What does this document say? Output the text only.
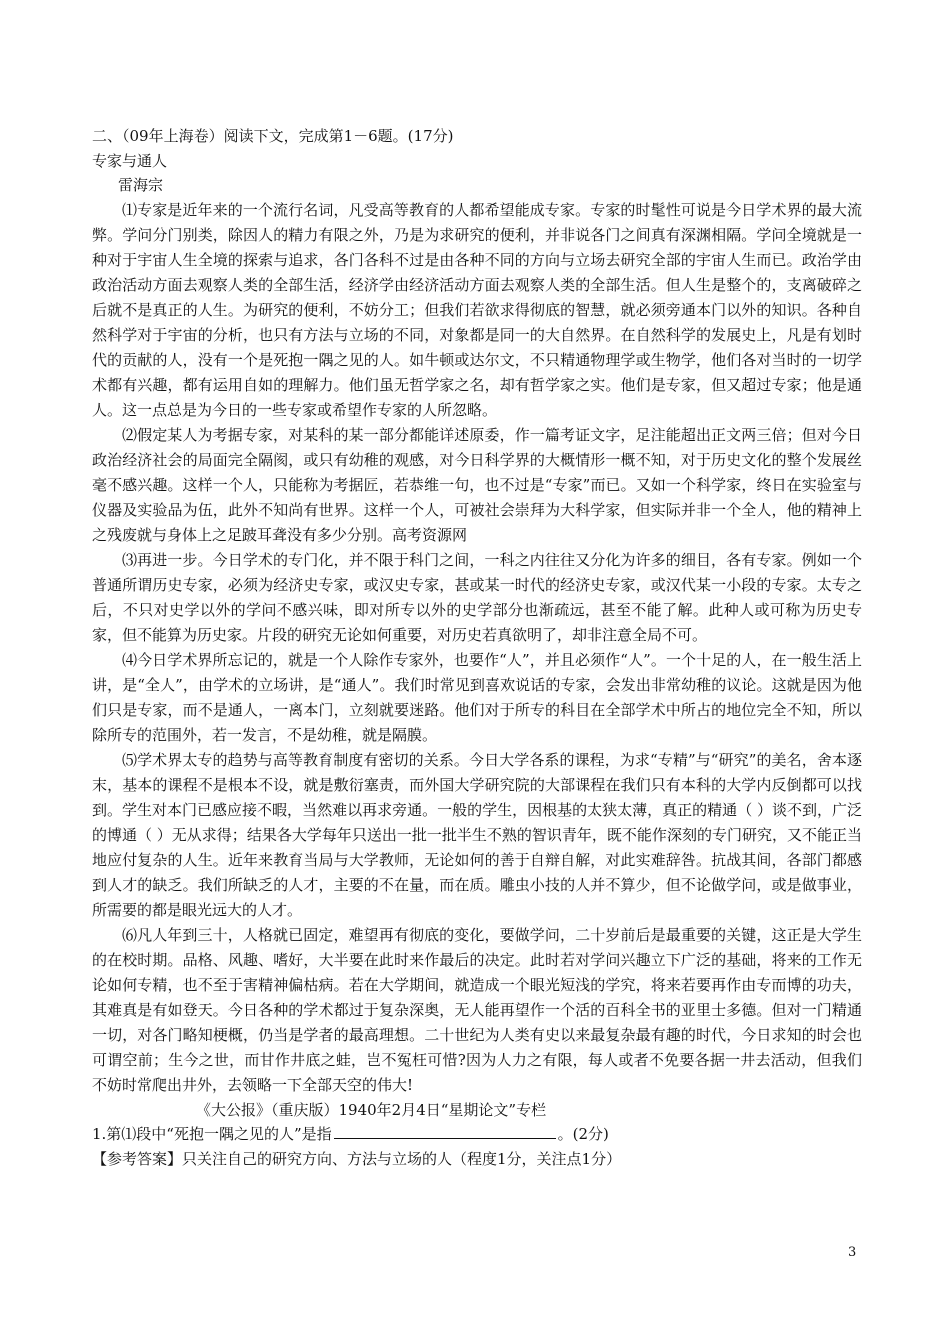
二、（09年上海卷）阅读下文，完成第1－6题。(17分)
专家与通人
雷海宗

⑴专家是近年来的一个流行名词，凡受高等教育的人都希望能成专家。专家的时髦性可说是今日学术界的最大流弊。学问分门别类，除因人的精力有限之外，乃是为求研究的便利，并非说各门之间真有深渊相隔。学问全境就是一种对于宇宙人生全境的探索与追求，各门各科不过是由各种不同的方向与立场去研究全部的宇宙人生而已。政治学由政治活动方面去观察人类的全部生活，经济学由经济活动方面去观察人类的全部生活。但人生是整个的，支离破碎之后就不是真正的人生。为研究的便利，不妨分工；但我们若欲求得彻底的智慧，就必须旁通本门以外的知识。各种自然科学对于宇宙的分析，也只有方法与立场的不同，对象都是同一的大自然界。在自然科学的发展史上，凡是有划时代的贡献的人，没有一个是死抱一隅之见的人。如牛顿或达尔文，不只精通物理学或生物学，他们各对当时的一切学术都有兴趣，都有运用自如的理解力。他们虽无哲学家之名，却有哲学家之实。他们是专家，但又超过专家；他是通人。这一点总是为今日的一些专家或希望作专家的人所忽略。

⑵假定某人为考据专家，对某科的某一部分都能详述原委，作一篇考证文字，足注能超出正文两三倍；但对今日政治经济社会的局面完全隔阂，或只有幼稚的观感，对今日科学界的大概情形一概不知，对于历史文化的整个发展丝毫不感兴趣。这样一个人，只能称为考据匠，若恭维一句，也不过是“专家”而已。又如一个科学家，终日在实验室与仪器及实验品为伍，此外不知尚有世界。这样一个人，可被社会崇拜为大科学家，但实际并非一个全人，他的精神上之残废就与身体上之足跛耳聋没有多少分别。高考资源网

⑶再进一步。今日学术的专门化，并不限于科门之间，一科之内往往又分化为许多的细目，各有专家。例如一个普通所谓历史专家，必须为经济史专家，或汉史专家，甚或某一时代的经济史专家，或汉代某一小段的专家。太专之后，不只对史学以外的学问不感兴味，即对所专以外的史学部分也渐疏远，甚至不能了解。此种人或可称为历史专家，但不能算为历史家。片段的研究无论如何重要，对历史若真欲明了，却非注意全局不可。

⑷今日学术界所忘记的，就是一个人除作专家外，也要作“人”，并且必须作“人”。一个十足的人，在一般生活上讲，是“全人”，由学术的立场讲，是“通人”。我们时常见到喜欢说话的专家，会发出非常幼稚的议论。这就是因为他们只是专家，而不是通人，一离本门，立刻就要迷路。他们对于所专的科目在全部学术中所占的地位完全不知，所以除所专的范围外，若一发言，不是幼稚，就是隔膜。

⑸学术界太专的趋势与高等教育制度有密切的关系。今日大学各系的课程，为求“专精”与“研究”的美名，舍本逐末，基本的课程不是根本不设，就是敷衍塞责，而外国大学研究院的大部课程在我们只有本科的大学内反倒都可以找到。学生对本门已感应接不暇，当然难以再求旁通。一般的学生，因根基的太狭太薄，真正的精通（ ）谈不到，广泛的博通（ ）无从求得；结果各大学每年只送出一批一批半生不熟的智识青年，既不能作深刻的专门研究，又不能正当地应付复杂的人生。近年来教育当局与大学教师，无论如何的善于自辩自解，对此实难辞咎。抗战其间，各部门都感到人才的缺乏。我们所缺乏的人才，主要的不在量，而在质。雕虫小技的人并不算少，但不论做学问，或是做事业，所需要的都是眼光远大的人才。

⑹凡人年到三十，人格就已固定，难望再有彻底的变化，要做学问，二十岁前后是最重要的关键，这正是大学生的在校时期。品格、风趣、嗜好，大半要在此时来作最后的决定。此时若对学问兴趣立下广泛的基础，将来的工作无论如何专精，也不至于害精神偏枯病。若在大学期间，就造成一个眼光短浅的学究，将来若要再作由专而博的功夫，其难真是有如登天。今日各种的学术都过于复杂深奥，无人能再望作一个活的百科全书的亚里士多德。但对一门精通一切，对各门略知梗概，仍当是学者的最高理想。二十世纪为人类有史以来最复杂最有趣的时代，今日求知的时会也可谓空前；生今之世，而甘作井底之蛙，岂不冤枉可惜?因为人力之有限，每人或者不免要各据一井去活动，但我们不妨时常爬出井外，去领略一下全部天空的伟大!

《大公报》（重庆版）1940年2月4日“星期论文”专栏
1.第⑴段中“死抱一隅之见的人”是指	。(2分)
【参考答案】只关注自己的研究方向、方法与立场的人（程度1分，关注点1分）
3
